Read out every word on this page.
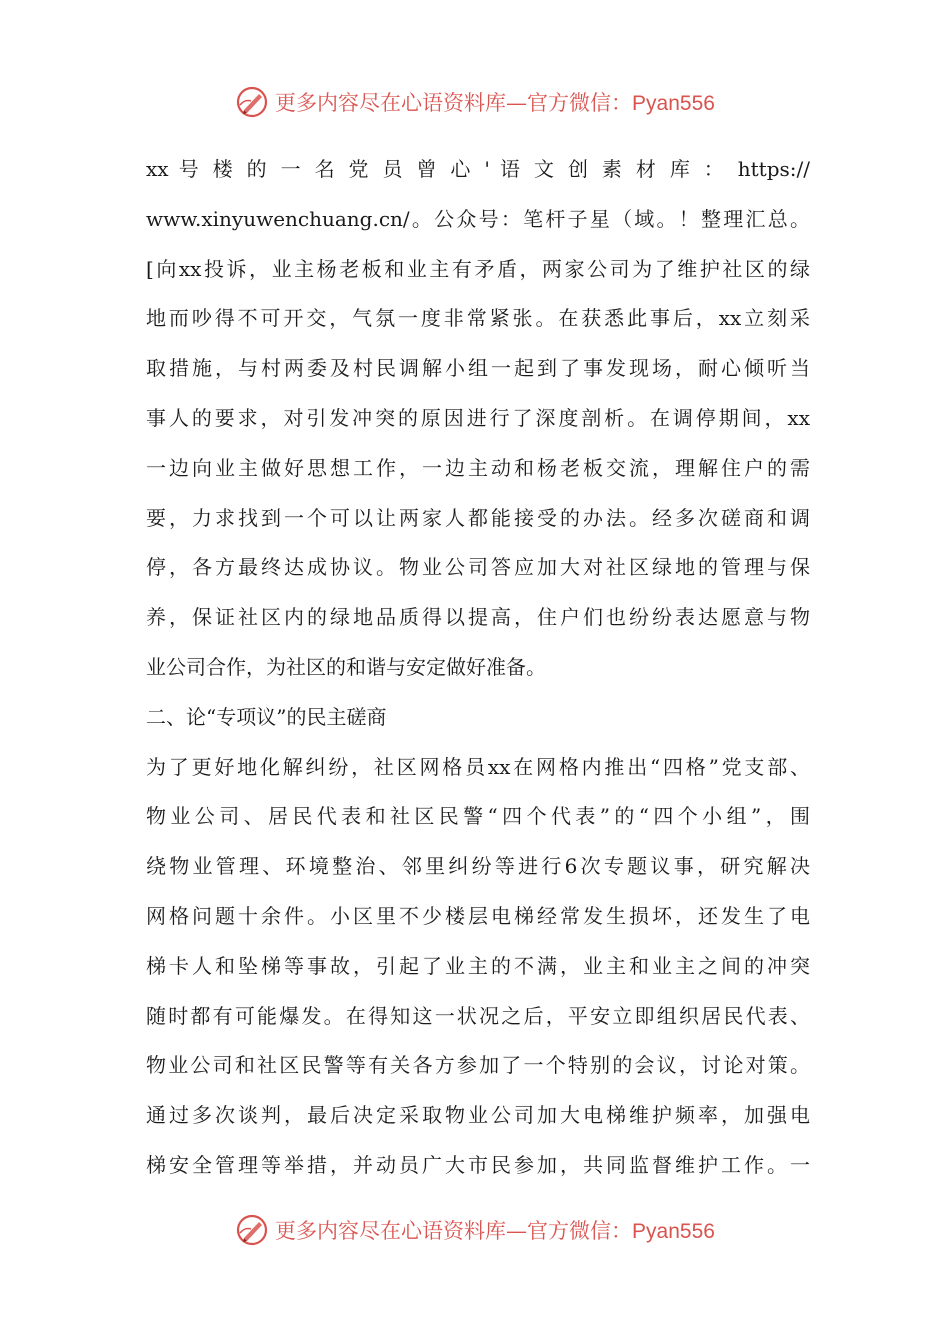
更多内容尽在心语资料库—官方微信：Pyan556
xx 号 楼 的 一 名 党 员 曾 心 ' 语 文 创 素 材 库 ： https://
www.xinyuwenchuang.cn/。公众号：笔杆子星（域。！整理汇总。
[向xx投诉，业主杨老板和业主有矛盾，两家公司为了维护社区的绿
地而吵得不可开交，气氛一度非常紧张。在获悉此事后，xx立刻采
取措施，与村两委及村民调解小组一起到了事发现场，耐心倾听当
事人的要求，对引发冲突的原因进行了深度剖析。在调停期间，xx
一边向业主做好思想工作，一边主动和杨老板交流，理解住户的需
要，力求找到一个可以让两家人都能接受的办法。经多次磋商和调
停，各方最终达成协议。物业公司答应加大对社区绿地的管理与保
养，保证社区内的绿地品质得以提高，住户们也纷纷表达愿意与物
业公司合作，为社区的和谐与安定做好准备。
二、论“专项议”的民主磋商
为了更好地化解纠纷，社区网格员xx在网格内推出“四格”党支部、
物业公司、居民代表和社区民警“四个代表”的“四个小组”，围
绕物业管理、环境整治、邻里纠纷等进行6次专题议事，研究解决
网格问题十余件。小区里不少楼层电梯经常发生损坏，还发生了电
梯卡人和坠梯等事故，引起了业主的不满，业主和业主之间的冲突
随时都有可能爆发。在得知这一状况之后，平安立即组织居民代表、
物业公司和社区民警等有关各方参加了一个特别的会议，讨论对策。
通过多次谈判，最后决定采取物业公司加大电梯维护频率，加强电
梯安全管理等举措，并动员广大市民参加，共同监督维护工作。一
更多内容尽在心语资料库—官方微信：Pyan556
